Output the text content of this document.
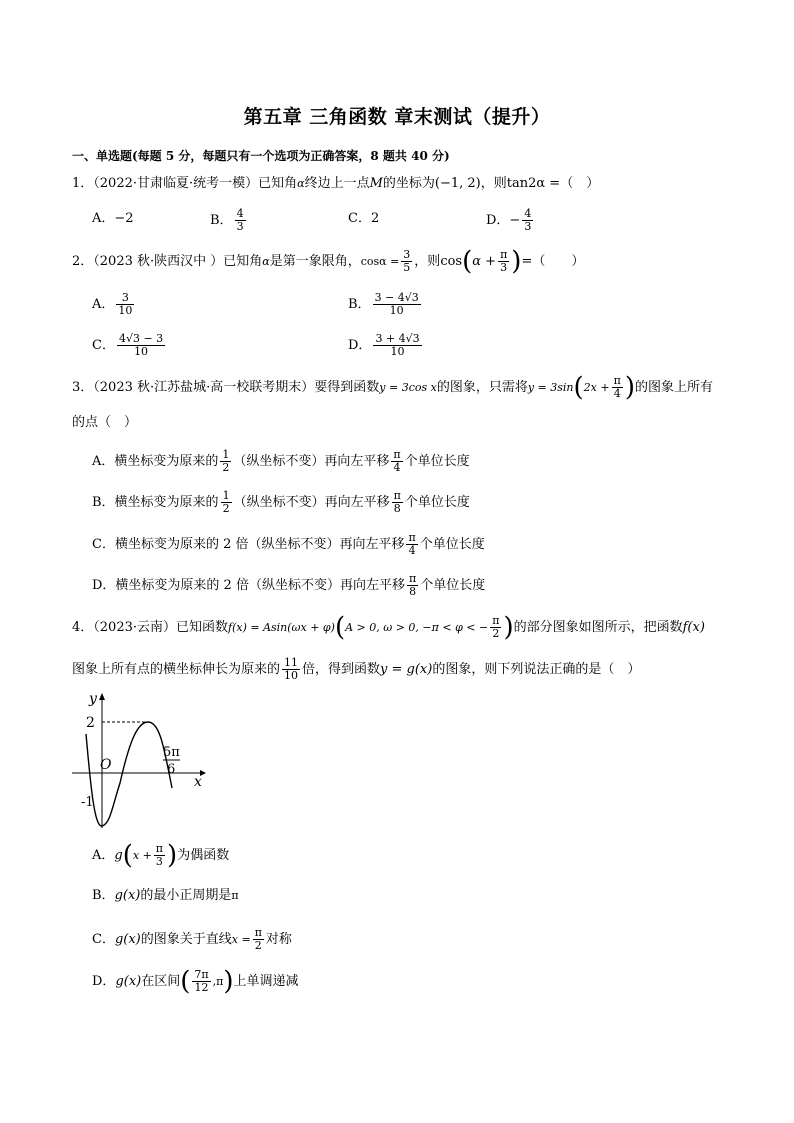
第五章 三角函数 章末测试（提升）
一、单选题(每题 5 分，每题只有一个选项为正确答案，8 题共 40 分)
1．（2022·甘肃临夏·统考一模）已知角α终边上一点M的坐标为(−1, 2)，则tan2α =（　）
A．−2	B． $\frac{4}{3}$	C．2	D．− $\frac{4}{3}$
2．（2023 秋·陕西汉中 ）已知角α是第一象限角，$\cos\alpha = \frac{3}{5}$ ，则$\cos(\alpha + \frac{\pi}{3}$ )=（　　）
A． $\frac{3}{10}$	B． $\frac{3 - 4√3}{10}$
C． $\frac{4√3 - 3}{10}$	D． $\frac{3 + 4√3}{10}$
3．（2023 秋·江苏盐城·高一校联考期末）要得到函数y = 3cos x的图象，只需将$y = 3\sin(2x + \frac{\pi}{4}$ )的图象上所有
的点（　）
A．横坐标变为原来的 $\frac{1}{2}$ （纵坐标不变）再向左平移 $\frac{\pi}{4}$ 个单位长度
B．横坐标变为原来的 $\frac{1}{2}$ （纵坐标不变）再向左平移 $\frac{\pi}{8}$ 个单位长度
C．横坐标变为原来的 2 倍（纵坐标不变）再向左平移 $\frac{\pi}{4}$ 个单位长度
D．横坐标变为原来的 2 倍（纵坐标不变）再向左平移 $\frac{\pi}{8}$ 个单位长度
4．（2023·云南）已知函数f(x) = Asin(ωx + φ)(A > 0, ω > 0, −π < φ < − $\frac{\pi}{2}$ )的部分图象如图所示，把函数f(x)
图象上所有点的横坐标伸长为原来的 $\frac{11}{10}$ 倍，得到函数y = g(x)的图象，则下列说法正确的是（　）
y
x
O
2
-1
5π
6
A．$g(x + \frac{\pi}{3}$ )为偶函数
B．g(x)的最小正周期是π
C．g(x)的图象关于直线$x = \frac{\pi}{2}$ 对称
D．g(x)在区间( $\frac{7\pi}{12} ,\pi$)上单调递减
